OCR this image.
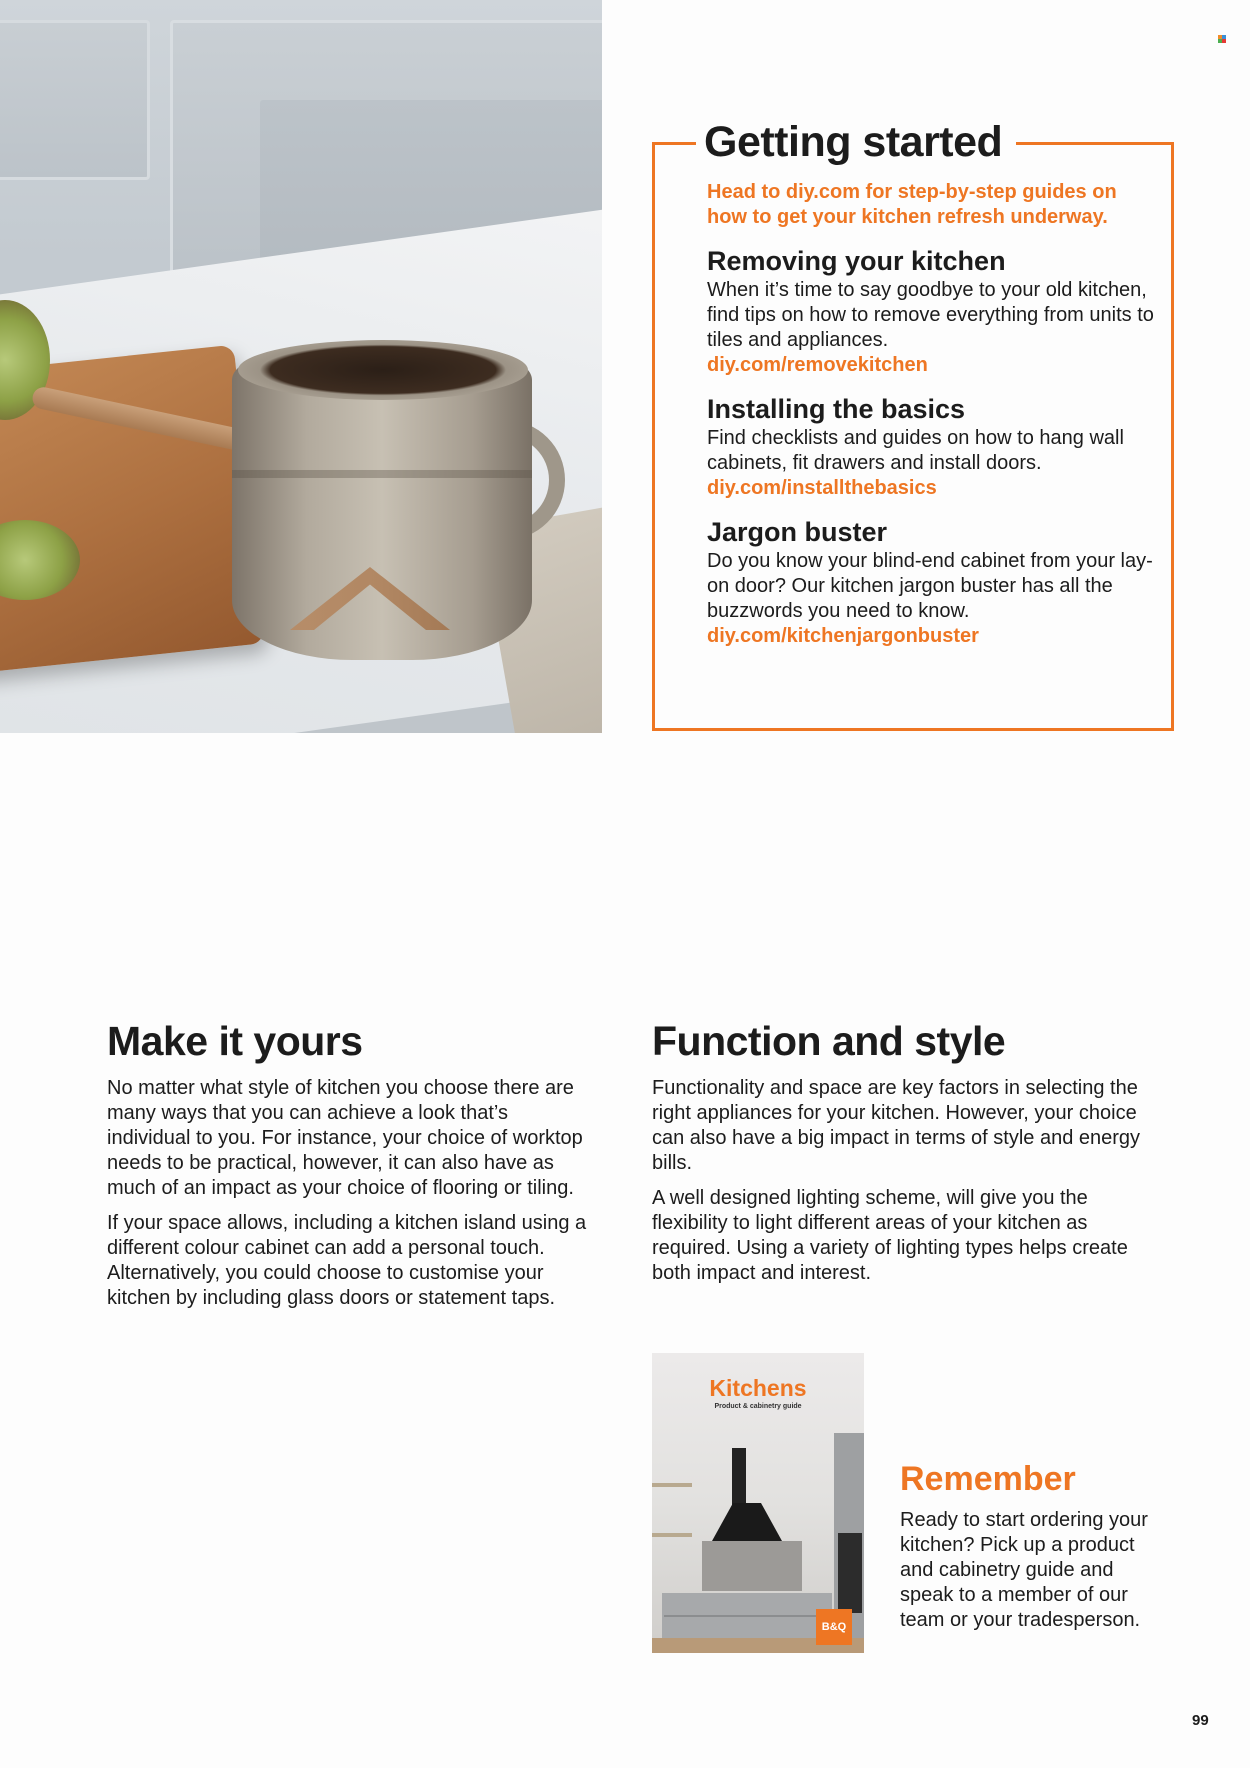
Getting started
Head to diy.com for step-by-step guides on how to get your kitchen refresh underway.
Removing your kitchen
When it’s time to say goodbye to your old kitchen, find tips on how to remove everything from units to tiles and appliances.
diy.com/removekitchen
Installing the basics
Find checklists and guides on how to hang wall cabinets, fit drawers and install doors.
diy.com/installthebasics
Jargon buster
Do you know your blind-end cabinet from your lay-on door? Our kitchen jargon buster has all the buzzwords you need to know.
diy.com/kitchenjargonbuster
Make it yours

No matter what style of kitchen you choose there are many ways that you can achieve a look that’s individual to you. For instance, your choice of worktop needs to be practical, however, it can also have as much of an impact as your choice of flooring or tiling.

If your space allows, including a kitchen island using a different colour cabinet can add a personal touch. Alternatively, you could choose to customise your kitchen by including glass doors or statement taps.

Function and style

Functionality and space are key factors in selecting the right appliances for your kitchen. However, your choice can also have a big impact in terms of style and energy bills.

A well designed lighting scheme, will give you the flexibility to light different areas of your kitchen as required. Using a variety of lighting types helps create both impact and interest.

Kitchens
Product & cabinetry guide
B&Q
Remember
Ready to start ordering your kitchen? Pick up a product and cabinetry guide and speak to a member of our team or your tradesperson.
99
